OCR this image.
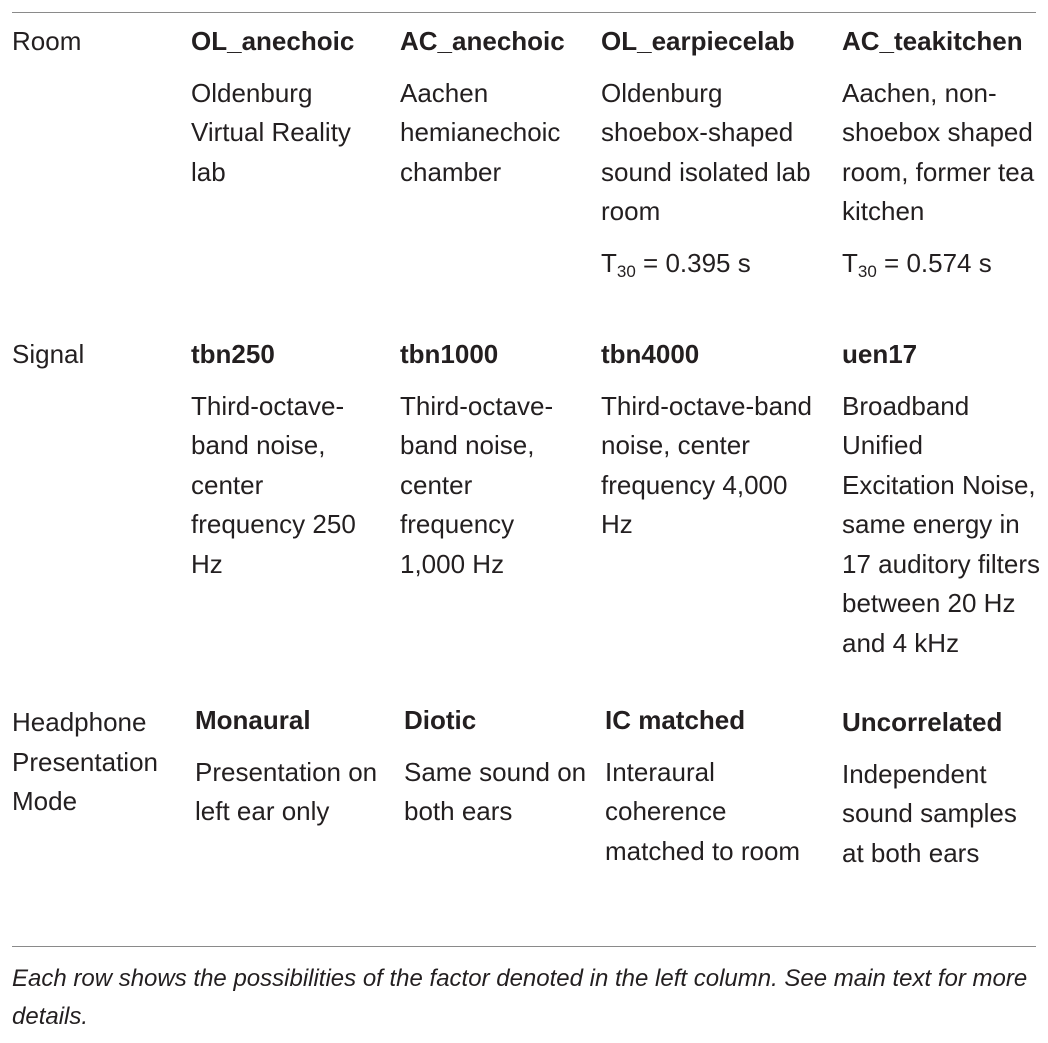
Room	OL_anechoic
Oldenburg Virtual Reality lab
AC_anechoic
Aachen hemianechoic chamber
OL_earpiecelab
Oldenburg shoebox-shaped sound isolated lab room
$T_{30} = 0.395$ s
AC_teakitchen
Aachen, non-shoebox shaped room, former tea kitchen
$T_{30} = 0.574$ s
Signal	tbn250
Third-octave-band noise, center frequency 250 Hz
tbn1000
Third-octave-band noise, center frequency 1,000 Hz
tbn4000
Third-octave-band noise, center frequency 4,000 Hz
uen17
Broadband Unified Excitation Noise, same energy in 17 auditory filters between 20 Hz and 4 kHz
Headphone Presentation Mode
Monaural
Presentation on left ear only
Diotic
Same sound on both ears
IC matched
Interaural coherence matched to room
Uncorrelated
Independent sound samples at both ears
Each row shows the possibilities of the factor denoted in the left column. See main text for more details.
